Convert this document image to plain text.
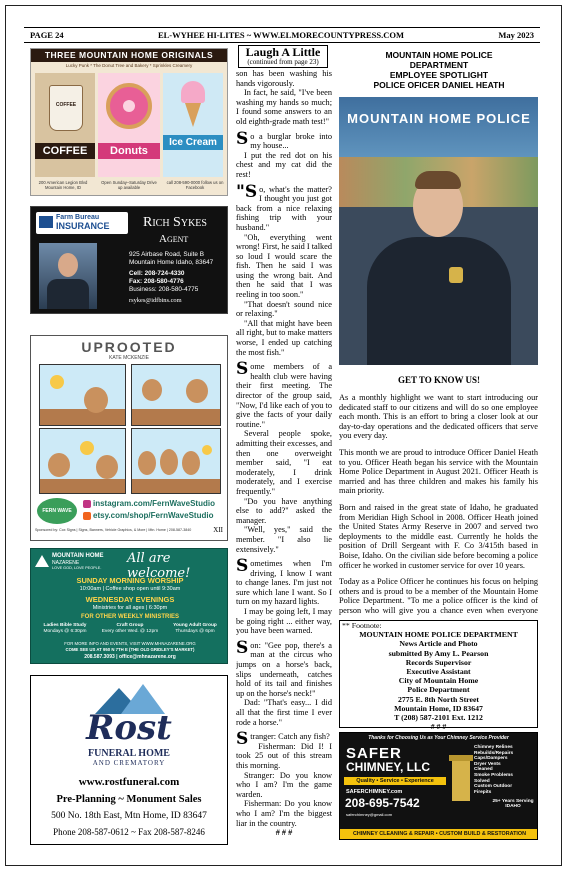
PAGE 24	EL-WYHEE HI-LITES ~ WWW.ELMORECOUNTYPRESS.COM	May 2023
THREE MOUNTAIN HOME ORIGINALS
Lucky Punk * The Donut Tree and Bakery * Sprinkles Creamery
COFFEE
COFFEE	Donuts
Ice Cream
200 American Legion Blvd Mountain Home, ID
Open Sunday–Saturday Drive up available
call 208-590-0000 follow us on Facebook
Farm Bureau
INSURANCE Rich Sykes
Agent
925 Airbase Road, Suite B
Mountain Home Idaho, 83647
Cell: 208-724-4330
Fax: 208-580-4776
Business: 208-580-4775
rsykes@idfbins.com
UPROOTED
KATE MCKENZIE
FERN WAVE
instagram.com/FernWaveStudio
etsy.com/shop/FernWaveStudio
Sponsored by: Cox Signs | Signs, Banners, Vehicle Graphics, & More | Mtn. Home | 208-587-3840	XII
MOUNTAIN HOME
NAZARENE
LOVE GOD, LOVE PEOPLE.
All are welcome!
SUNDAY MORNING WORSHIP
10:00am | Coffee shop open until 9:30am
WEDNESDAY EVENINGS
Ministries for all ages | 6:30pm
FOR OTHER WEEKLY MINISTRIES
Ladies Bible Study
Mondays @ 6:30pm
Craft Group
Every other Wed. @ 12pm
Young Adult Group
Thursdays @ 6pm
FOR MORE INFO AND EVENTS, VISIT WWW.MHNAZARENE.ORG
COME SEE US AT 950 N 7TH E (THE OLD GRIDLEY'S MARKET)
208.587.3093 | office@mhnazarene.org
Rost
FUNERAL HOME
AND CREMATORY
www.rostfuneral.com
Pre-Planning ~ Monument Sales
500 No. 18th East, Mtn Home, ID 83647
Phone 208-587-0612 ~ Fax 208-587-8246
Laugh A Little
(continued from page 23)

son has been washing his hands vigorously.

In fact, he said, "I've been washing my hands so much; I found some answers to an old eighth-grade math test!"

So a burglar broke into my house...

I put the red dot on his chest and my cat did the rest!

"So, what's the matter? I thought you just got back from a nice relaxing fishing trip with your husband."

"Oh, everything went wrong! First, he said I talked so loud I would scare the fish. Then he said I was using the wrong bait. And then he said that I was reeling in too soon."

"That doesn't sound nice or relaxing."

"All that might have been all right, but to make matters worse, I ended up catching the most fish."

Some members of a health club were having their first meeting. The director of the group said, "Now, I'd like each of you to give the facts of your daily routine."

Several people spoke, admitting their excesses, and then one overweight member said, "I eat moderately, I drink moderately, and I exercise frequently."

"Do you have anything else to add?" asked the manager.

"Well, yes," said the member. "I also lie extensively."

Sometimes when I'm driving, I know I want to change lanes. I'm just not sure which lane I want. So I turn on my hazard lights.

I may be going left, I may be going right ... either way, you have been warned.

Son: "Gee pop, there's a man at the circus who jumps on a horse's back, slips underneath, catches hold of its tail and finishes up on the horse's neck!"

Dad: "That's easy... I did all that the first time I ever rode a horse."

Stranger: Catch any fish?

Fisherman: Did I! I took 25 out of this stream this morning.

Stranger: Do you know who I am? I'm the game warden.

Fisherman: Do you know who I am? I'm the biggest liar in the country.

# # #

MOUNTAIN HOME POLICE
DEPARTMENT
EMPLOYEE SPOTLIGHT
POLICE OFICER DANIEL HEATH
MOUNTAIN HOME POLICE
GET TO KNOW US!

As a monthly highlight we want to start introducing our dedicated staff to our citizens and will do so one employee each month. This is an effort to bring a closer look at our day-to-day operations and the dedicated officers that serve you every day.

This month we are proud to introduce Officer Daniel Heath to you. Officer Heath began his service with the Mountain Home Police Department in August 2021. Officer Heath is married and has three children and makes his family his main priority.

Born and raised in the great state of Idaho, he graduated from Meridian High School in 2008. Officer Heath joined the United States Army Reserve in 2007 and served two deployments to the middle east. Currently he holds the position of Drill Sergeant with F. Co 3/415th based in Boise, Idaho. On the civilian side before becoming a police officer he worked in customer service for over 10 years.

Today as a Police Officer he continues his focus on helping others and is proud to be a member of the Mountain Home Police Department. "To me a police officer is the kind of person who will give you a chance even when everyone

** Footnote:
MOUNTAIN HOME POLICE DEPARTMENT
News Article and Photo
submitted By Amy L. Pearson
Records Supervisor
Executive Assistant
City of Mountain Home
Police Department
2775 E. 8th North Street
Mountain Home, ID 83647
T (208) 587-2101 Ext. 1212
# # #
Thanks for Choosing Us as Your Chimney Service Provider
SAFER
CHIMNEY, LLC
Quality • Service • Experience
SAFERCHIMNEY.com
208-695-7542
saferchimney@gmail.com
Chimney Relines
Rebuilds/Repairs
Caps/Dampers
Dryer Vents
Cleaned
Smoke Problems
Solved
Custom Outdoor
Firepits
25+ Years Serving IDAHO
CHIMNEY CLEANING & REPAIR • CUSTOM BUILD & RESTORATION
